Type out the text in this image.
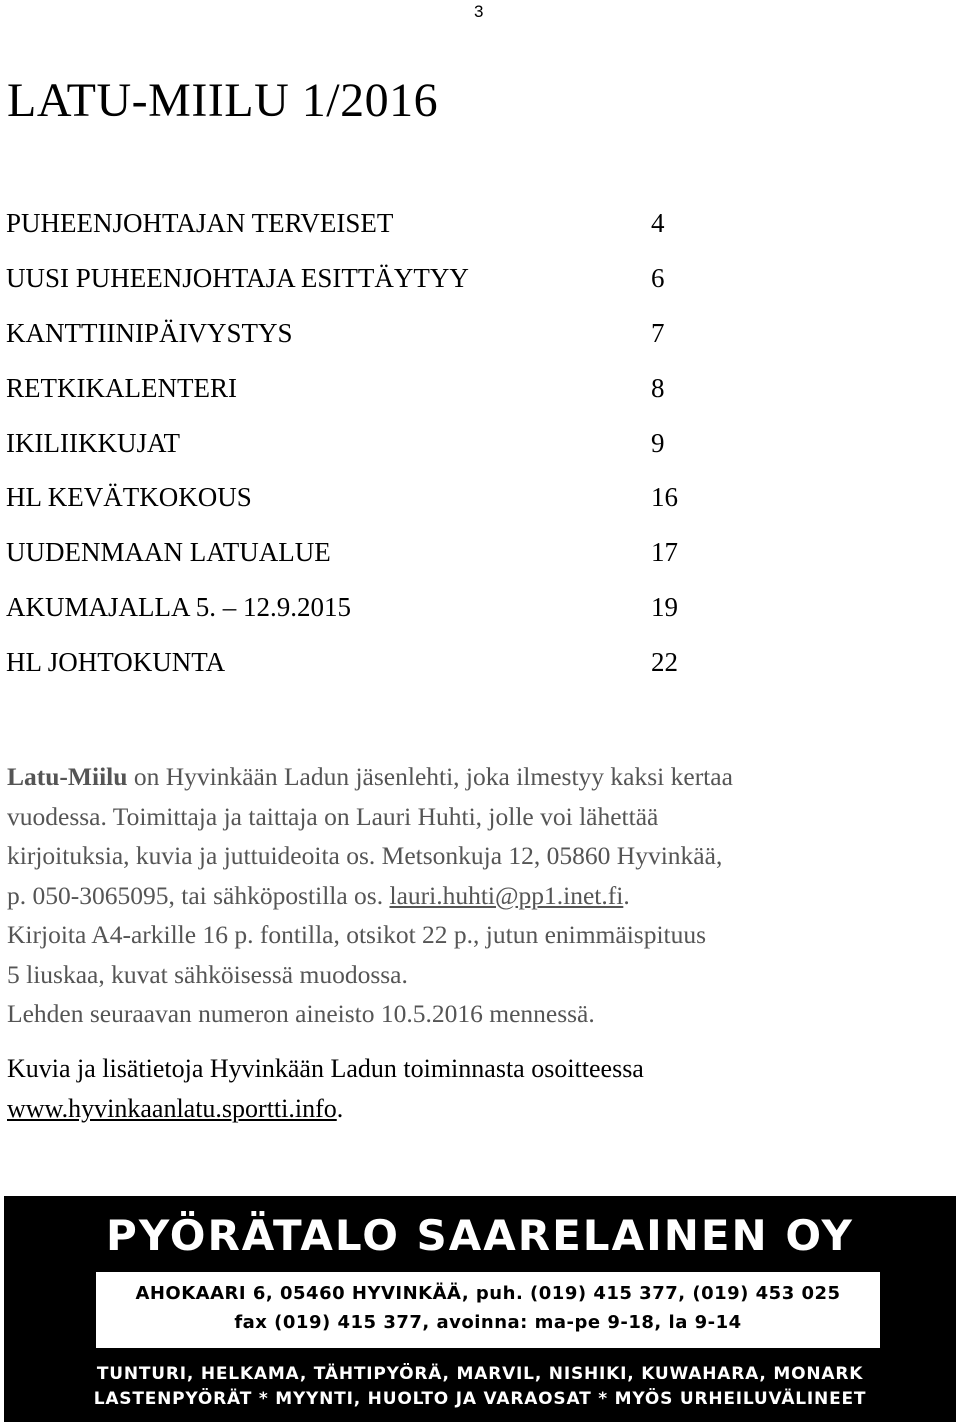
3
LATU-MIILU 1/2016
PUHEENJOHTAJAN TERVEISET	4
UUSI PUHEENJOHTAJA ESITTÄYTYY	6
KANTTIINIPÄIVYSTYS	7
RETKIKALENTERI	8
IKILIIKKUJAT	9
HL KEVÄTKOKOUS	16
UUDENMAAN LATUALUE	17
AKUMAJALLA 5. – 12.9.2015	19
HL JOHTOKUNTA	22
Latu-Miilu on Hyvinkään Ladun jäsenlehti, joka ilmestyy kaksi kertaa
vuodessa. Toimittaja ja taittaja on Lauri Huhti, jolle voi lähettää
kirjoituksia, kuvia ja juttuideoita os. Metsonkuja 12, 05860 Hyvinkää,
p. 050-3065095, tai sähköpostilla os. lauri.huhti@pp1.inet.fi.
Kirjoita A4-arkille 16 p. fontilla, otsikot 22 p., jutun enimmäispituus
5 liuskaa, kuvat sähköisessä muodossa.
Lehden seuraavan numeron aineisto 10.5.2016 mennessä.
Kuvia ja lisätietoja Hyvinkään Ladun toiminnasta osoitteessa
www.hyvinkaanlatu.sportti.info.
PYÖRÄTALO SAARELAINEN OY
AHOKAARI 6, 05460 HYVINKÄÄ, puh. (019) 415 377, (019) 453 025
fax (019) 415 377, avoinna: ma-pe 9-18, la 9-14
TUNTURI, HELKAMA, TÄHTIPYÖRÄ, MARVIL, NISHIKI, KUWAHARA, MONARK
LASTENPYÖRÄT * MYYNTI, HUOLTO JA VARAOSAT * MYÖS URHEILUVÄLINEET
